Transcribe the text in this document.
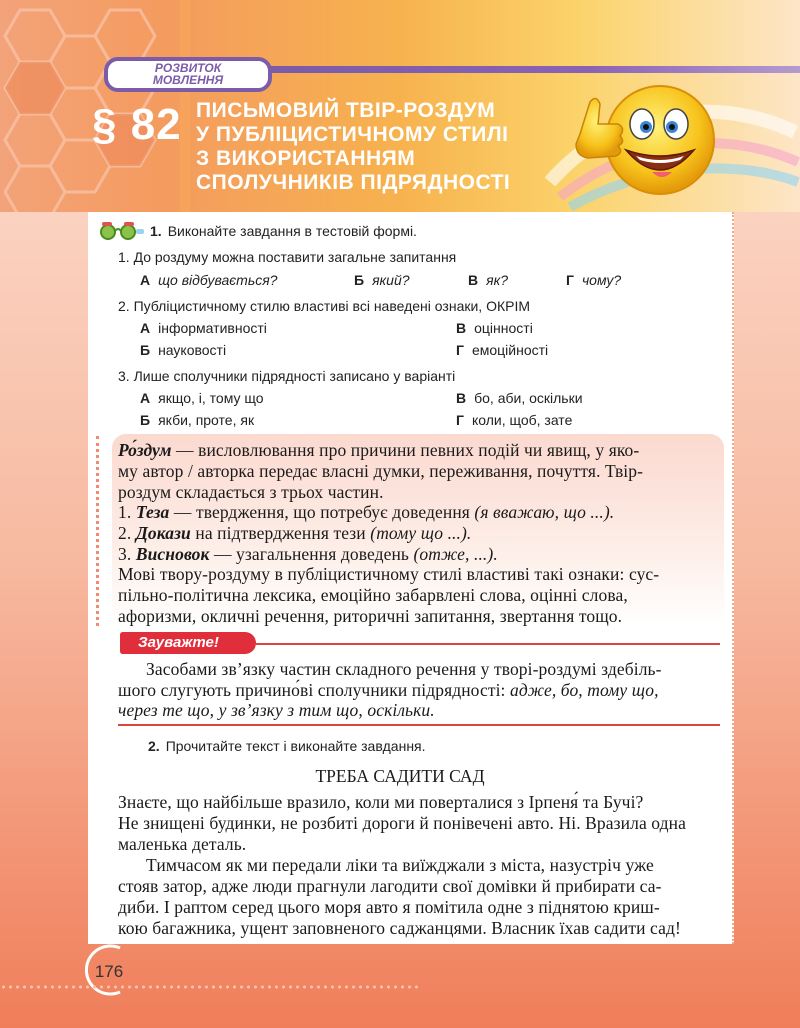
РОЗВИТОК
МОВЛЕННЯ
§ 82 ПИСЬМОВИЙ ТВІР-РОЗДУМ
У ПУБЛІЦИСТИЧНОМУ СТИЛІ
З ВИКОРИСТАННЯМ
СПОЛУЧНИКІВ ПІДРЯДНОСТІ
1. Виконайте завдання в тестовій формі.
1. До роздуму можна поставити загальне запитання
А що відбувається?	Б який?	В як?	Г чому?
2. Публіцистичному стилю властиві всі наведені ознаки, ОКРІМ
А інформативності	В оцінності
Б науковості	Г емоційності
3. Лише сполучники підрядності записано у варіанті
А якщо, і, тому що	В бо, аби, оскільки
Б якби, проте, як	Г коли, щоб, зате
Ро́здум — висловлювання про причини певних подій чи явищ, у яко-
му автор / авторка передає власні думки, переживання, почуття. Твір-
роздум складається з трьох частин.
1. Теза — твердження, що потребує доведення (я вважаю, що ...).
2. Докази на підтвердження тези (тому що ...).
3. Висновок — узагальнення доведень (отже, ...).
Мові твору-роздуму в публіцистичному стилі властиві такі ознаки: сус-
пільно-політична лексика, емоційно забарвлені слова, оцінні слова,
афоризми, окличні речення, риторичні запитання, звертання тощо.
Зауважте!
Засобами зв’язку частин складного речення у творі-роздумі здебіль-
шого слугують причино́ві сполучники підрядності: адже, бо, тому що,
через те що, у зв’язку з тим що, оскільки.
2. Прочитайте текст і виконайте завдання.
ТРЕБА САДИТИ САД
Знаєте, що найбільше вразило, коли ми поверталися з Ірпеня́ та Бучі?
Не знищені будинки, не розбиті дороги й понівечені авто. Ні. Вразила одна
маленька деталь.
Тимчасом як ми передали ліки та виїжджали з міста, назустріч уже
стояв затор, адже люди прагнули лагодити свої домівки й прибирати са-
диби. І раптом серед цього моря авто я помітила одне з піднятою криш-
кою багажника, ущент заповненого саджанцями. Власник їхав садити сад!
176
